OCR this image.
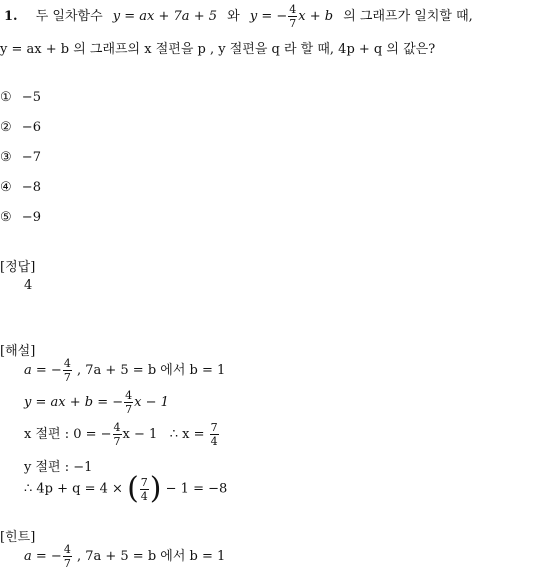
1. 두 일차함수 y = ax + 7a + 5 와 y = − $\frac{4}{7}$ x + b 의 그래프가 일치할 때,
y = ax + b 의 그래프의 x 절편을 p , y 절편을 q 라 할 때, 4p + q 의 값은?
① −5
② −6
③ −7
④ −8
⑤ −9
[정답]
4
[해설]
a = − $\frac{4}{7}$ , 7a + 5 = b 에서 b = 1
y = ax + b = − $\frac{4}{7}$ x − 1
x 절편 : 0 = − $\frac{4}{7}$ x − 1   ∴ $x = \frac{7}{4}$
y 절편 : −1
∴ 4p + q = 4 × ( $\frac{7}{4}$ ) − 1 = −8
[힌트]
a = − $\frac{4}{7}$ , 7a + 5 = b 에서 b = 1
